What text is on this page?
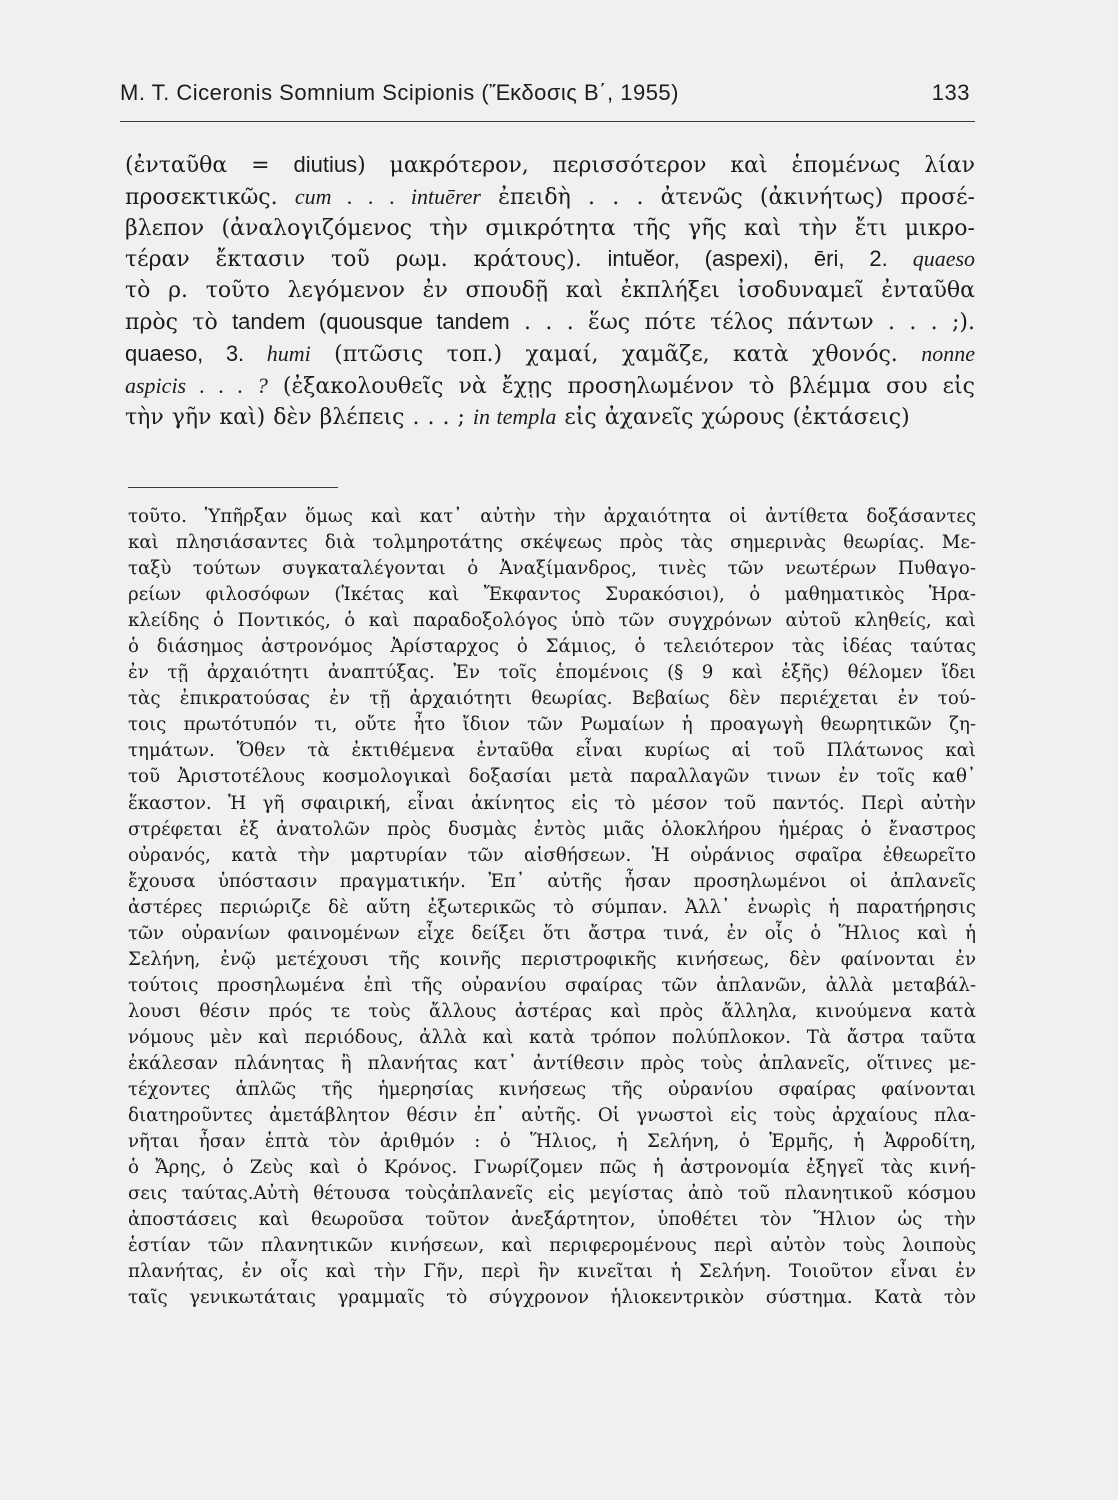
M. T. Ciceronis Somnium Scipionis (Ἔκδοσις Β΄, 1955)	133
(ἐνταῦθα = diutius) μακρότερον, περισσότερον καὶ ἑπομένως λίαν
προσεκτικῶς. cum . . . intuērer ἐπειδὴ . . . ἀτενῶς (ἀκινήτως) προσέ-
βλεπον (ἀναλογιζόμενος τὴν σμικρότητα τῆς γῆς καὶ τὴν ἔτι μικρο-
τέραν ἔκτασιν τοῦ ρωμ. κράτους). intuĕor, (aspexi), ēri, 2. quaeso
τὸ ρ. τοῦτο λεγόμενον ἐν σπουδῇ καὶ ἐκπλήξει ἰσοδυναμεῖ ἐνταῦθα
πρὸς τὸ tandem (quousque tandem . . . ἕως πότε τέλος πάντων . . . ;).
quaeso, 3. humi (πτῶσις τοπ.) χαμαί, χαμᾶζε, κατὰ χθονός. nonne
aspicis . . . ? (ἐξακολουθεῖς νὰ ἔχῃς προσηλωμένον τὸ βλέμμα σου εἰς
τὴν γῆν καὶ) δὲν βλέπεις . . . ; in templa εἰς ἀχανεῖς χώρους (ἐκτάσεις)
τοῦτο. Ὑπῆρξαν ὅμως καὶ κατ᾽ αὐτὴν τὴν ἀρχαιότητα οἱ ἀντίθετα δοξάσαντες
καὶ πλησιάσαντες διὰ τολμηροτάτης σκέψεως πρὸς τὰς σημερινὰς θεωρίας. Με-
ταξὺ τούτων συγκαταλέγονται ὁ Ἀναξίμανδρος, τινὲς τῶν νεωτέρων Πυθαγο-
ρείων φιλοσόφων (Ἱκέτας καὶ Ἔκφαντος Συρακόσιοι), ὁ μαθηματικὸς Ἡρα-
κλείδης ὁ Ποντικός, ὁ καὶ παραδοξολόγος ὑπὸ τῶν συγχρόνων αὐτοῦ κληθείς, καὶ
ὁ διάσημος ἀστρονόμος Ἀρίσταρχος ὁ Σάμιος, ὁ τελειότερον τὰς ἰδέας ταύτας
ἐν τῇ ἀρχαιότητι ἀναπτύξας. Ἐν τοῖς ἑπομένοις (§ 9 καὶ ἑξῆς) θέλομεν ἴδει
τὰς ἐπικρατούσας ἐν τῇ ἀρχαιότητι θεωρίας. Βεβαίως δὲν περιέχεται ἐν τού-
τοις πρωτότυπόν τι, οὔτε ἦτο ἴδιον τῶν Ρωμαίων ἡ προαγωγὴ θεωρητικῶν ζη-
τημάτων. Ὅθεν τὰ ἐκτιθέμενα ἐνταῦθα εἶναι κυρίως αἱ τοῦ Πλάτωνος καὶ
τοῦ Ἀριστοτέλους κοσμολογικαὶ δοξασίαι μετὰ παραλλαγῶν τινων ἐν τοῖς καθ᾽
ἕκαστον. Ἡ γῆ σφαιρική, εἶναι ἀκίνητος εἰς τὸ μέσον τοῦ παντός. Περὶ αὐτὴν
στρέφεται ἐξ ἀνατολῶν πρὸς δυσμὰς ἐντὸς μιᾶς ὁλοκλήρου ἡμέρας ὁ ἔναστρος
οὐρανός, κατὰ τὴν μαρτυρίαν τῶν αἰσθήσεων. Ἡ οὐράνιος σφαῖρα ἐθεωρεῖτο
ἔχουσα ὑπόστασιν πραγματικήν. Ἐπ᾽ αὐτῆς ἦσαν προσηλωμένοι οἱ ἀπλανεῖς
ἀστέρες περιώριζε δὲ αὕτη ἐξωτερικῶς τὸ σύμπαν. Ἀλλ᾽ ἐνωρὶς ἡ παρατήρησις
τῶν οὐρανίων φαινομένων εἶχε δείξει ὅτι ἄστρα τινά, ἐν οἷς ὁ Ἥλιος καὶ ἡ
Σελήνη, ἐνῷ μετέχουσι τῆς κοινῆς περιστροφικῆς κινήσεως, δὲν φαίνονται ἐν
τούτοις προσηλωμένα ἐπὶ τῆς οὐρανίου σφαίρας τῶν ἀπλανῶν, ἀλλὰ μεταβάλ-
λουσι θέσιν πρός τε τοὺς ἄλλους ἀστέρας καὶ πρὸς ἄλληλα, κινούμενα κατὰ
νόμους μὲν καὶ περιόδους, ἀλλὰ καὶ κατὰ τρόπον πολύπλοκον. Τὰ ἄστρα ταῦτα
ἐκάλεσαν πλάνητας ἢ πλανήτας κατ᾽ ἀντίθεσιν πρὸς τοὺς ἀπλανεῖς, οἵτινες με-
τέχοντες ἁπλῶς τῆς ἡμερησίας κινήσεως τῆς οὐρανίου σφαίρας φαίνονται
διατηροῦντες ἀμετάβλητον θέσιν ἐπ᾽ αὐτῆς. Οἱ γνωστοὶ εἰς τοὺς ἀρχαίους πλα-
νῆται ἦσαν ἑπτὰ τὸν ἀριθμόν : ὁ Ἥλιος, ἡ Σελήνη, ὁ Ἑρμῆς, ἡ Ἀφροδίτη,
ὁ Ἄρης, ὁ Ζεὺς καὶ ὁ Κρόνος. Γνωρίζομεν πῶς ἡ ἀστρονομία ἐξηγεῖ τὰς κινή-
σεις ταύτας.Αὐτὴ θέτουσα τοὺςἀπλανεῖς εἰς μεγίστας ἀπὸ τοῦ πλανητικοῦ κόσμου
ἀποστάσεις καὶ θεωροῦσα τοῦτον ἀνεξάρτητον, ὑποθέτει τὸν Ἥλιον ὡς τὴν
ἑστίαν τῶν πλανητικῶν κινήσεων, καὶ περιφερομένους περὶ αὐτὸν τοὺς λοιποὺς
πλανήτας, ἐν οἷς καὶ τὴν Γῆν, περὶ ἣν κινεῖται ἡ Σελήνη. Τοιοῦτον εἶναι ἐν
ταῖς γενικωτάταις γραμμαῖς τὸ σύγχρονον ἡλιοκεντρικὸν σύστημα. Κατὰ τὸν
